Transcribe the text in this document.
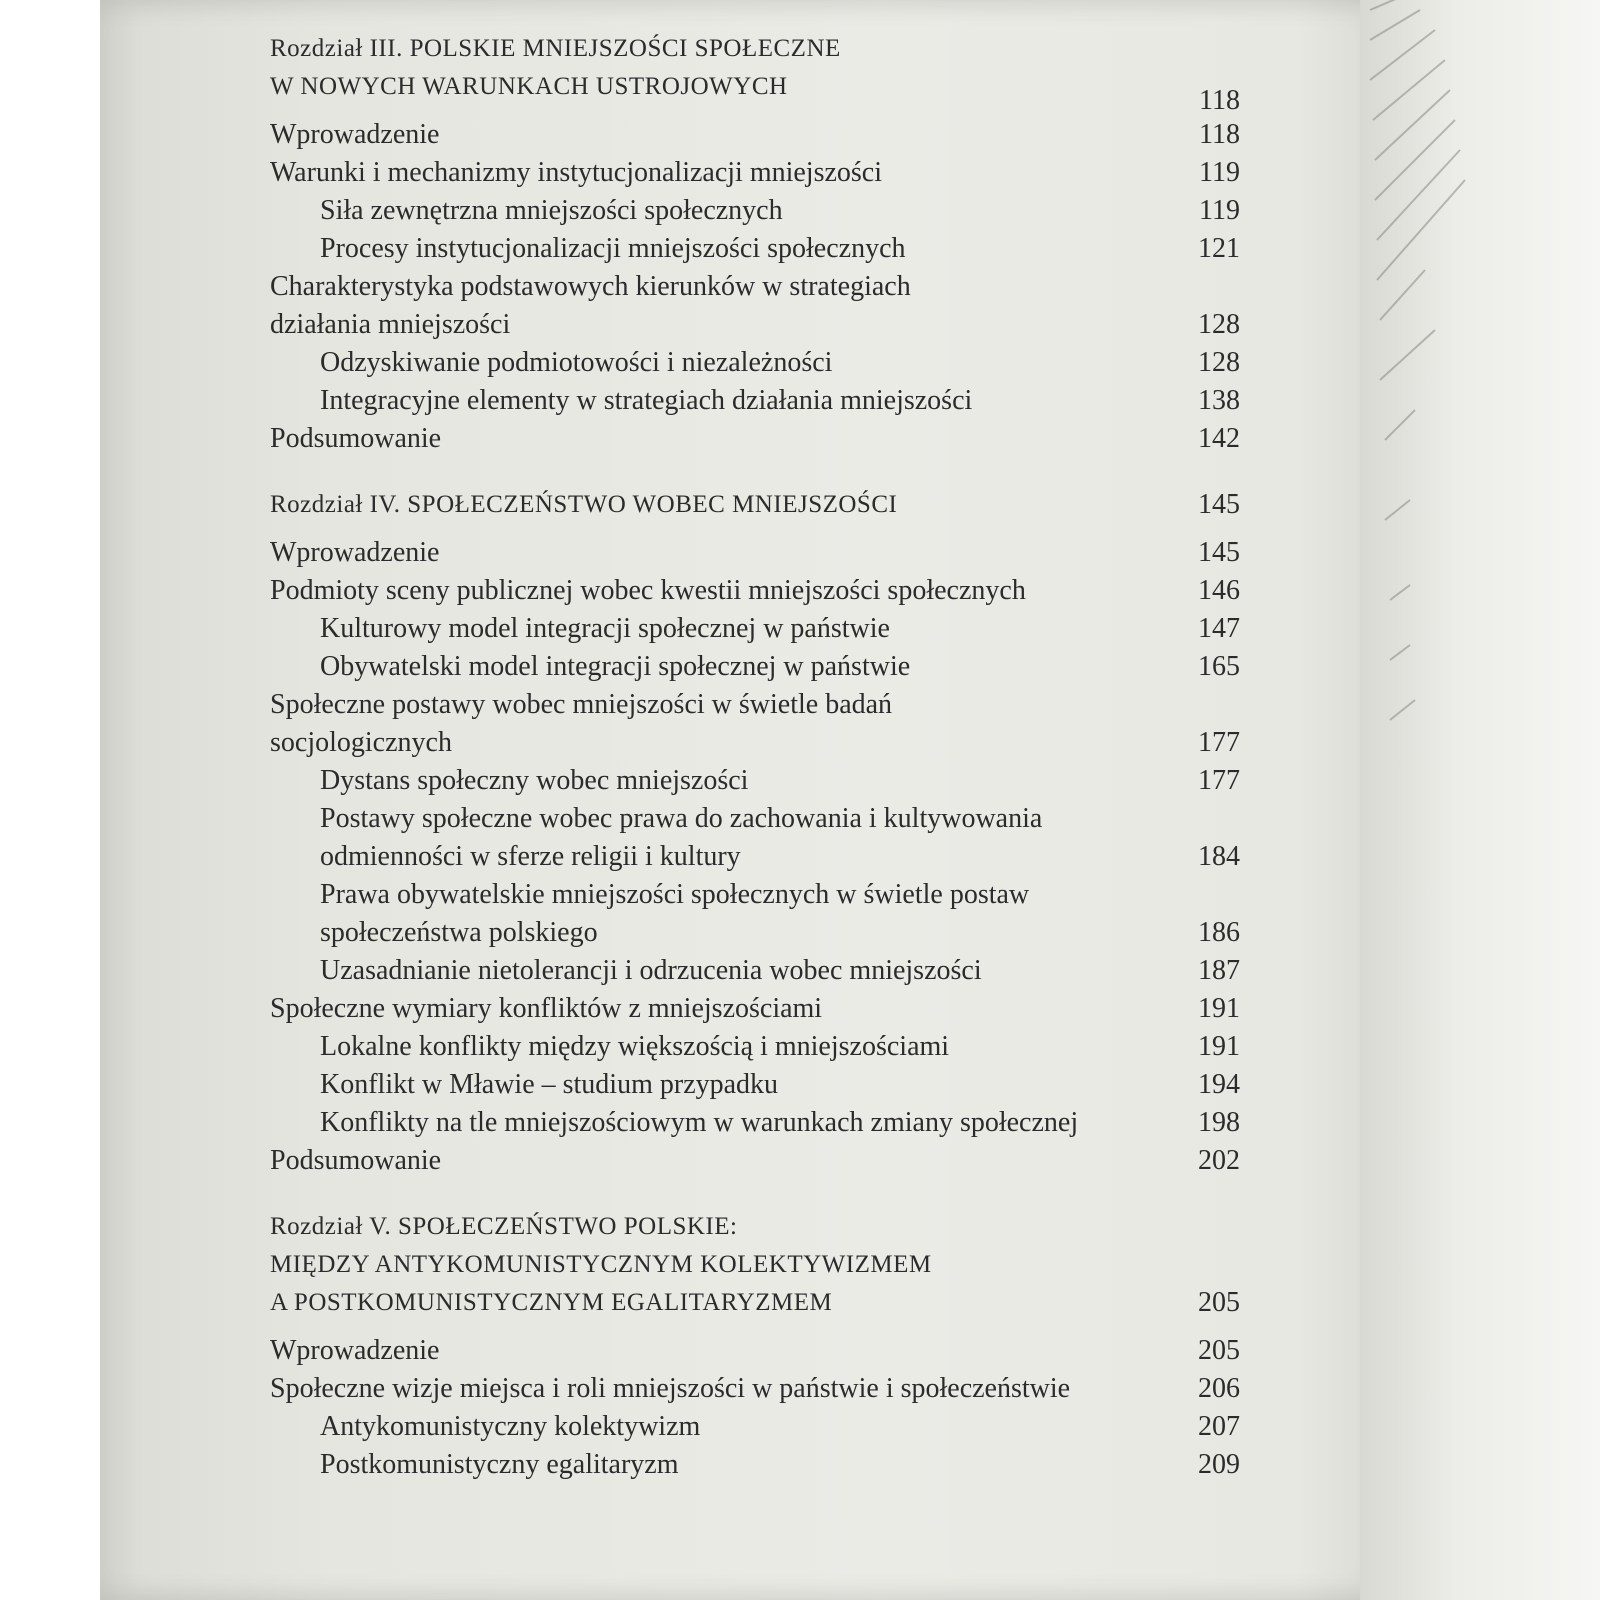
Rozdział III. POLSKIE MNIEJSZOŚCI SPOŁECZNE
W NOWYCH WARUNKACH USTROJOWYCH	118
Wprowadzenie	118
Warunki i mechanizmy instytucjonalizacji mniejszości	119
Siła zewnętrzna mniejszości społecznych	119
Procesy instytucjonalizacji mniejszości społecznych	121
Charakterystyka podstawowych kierunków w strategiach
działania mniejszości	128
Odzyskiwanie podmiotowości i niezależności	128
Integracyjne elementy w strategiach działania mniejszości	138
Podsumowanie	142
Rozdział IV. SPOŁECZEŃSTWO WOBEC MNIEJSZOŚCI	145
Wprowadzenie	145
Podmioty sceny publicznej wobec kwestii mniejszości społecznych	146
Kulturowy model integracji społecznej w państwie	147
Obywatelski model integracji społecznej w państwie	165
Społeczne postawy wobec mniejszości w świetle badań
socjologicznych	177
Dystans społeczny wobec mniejszości	177
Postawy społeczne wobec prawa do zachowania i kultywowania
odmienności w sferze religii i kultury	184
Prawa obywatelskie mniejszości społecznych w świetle postaw
społeczeństwa polskiego	186
Uzasadnianie nietolerancji i odrzucenia wobec mniejszości	187
Społeczne wymiary konfliktów z mniejszościami	191
Lokalne konflikty między większością i mniejszościami	191
Konflikt w Mławie – studium przypadku	194
Konflikty na tle mniejszościowym w warunkach zmiany społecznej	198
Podsumowanie	202
Rozdział V. SPOŁECZEŃSTWO POLSKIE:
MIĘDZY ANTYKOMUNISTYCZNYM KOLEKTYWIZMEM
A POSTKOMUNISTYCZNYM EGALITARYZMEM	205
Wprowadzenie	205
Społeczne wizje miejsca i roli mniejszości w państwie i społeczeństwie	206
Antykomunistyczny kolektywizm	207
Postkomunistyczny egalitaryzm	209
